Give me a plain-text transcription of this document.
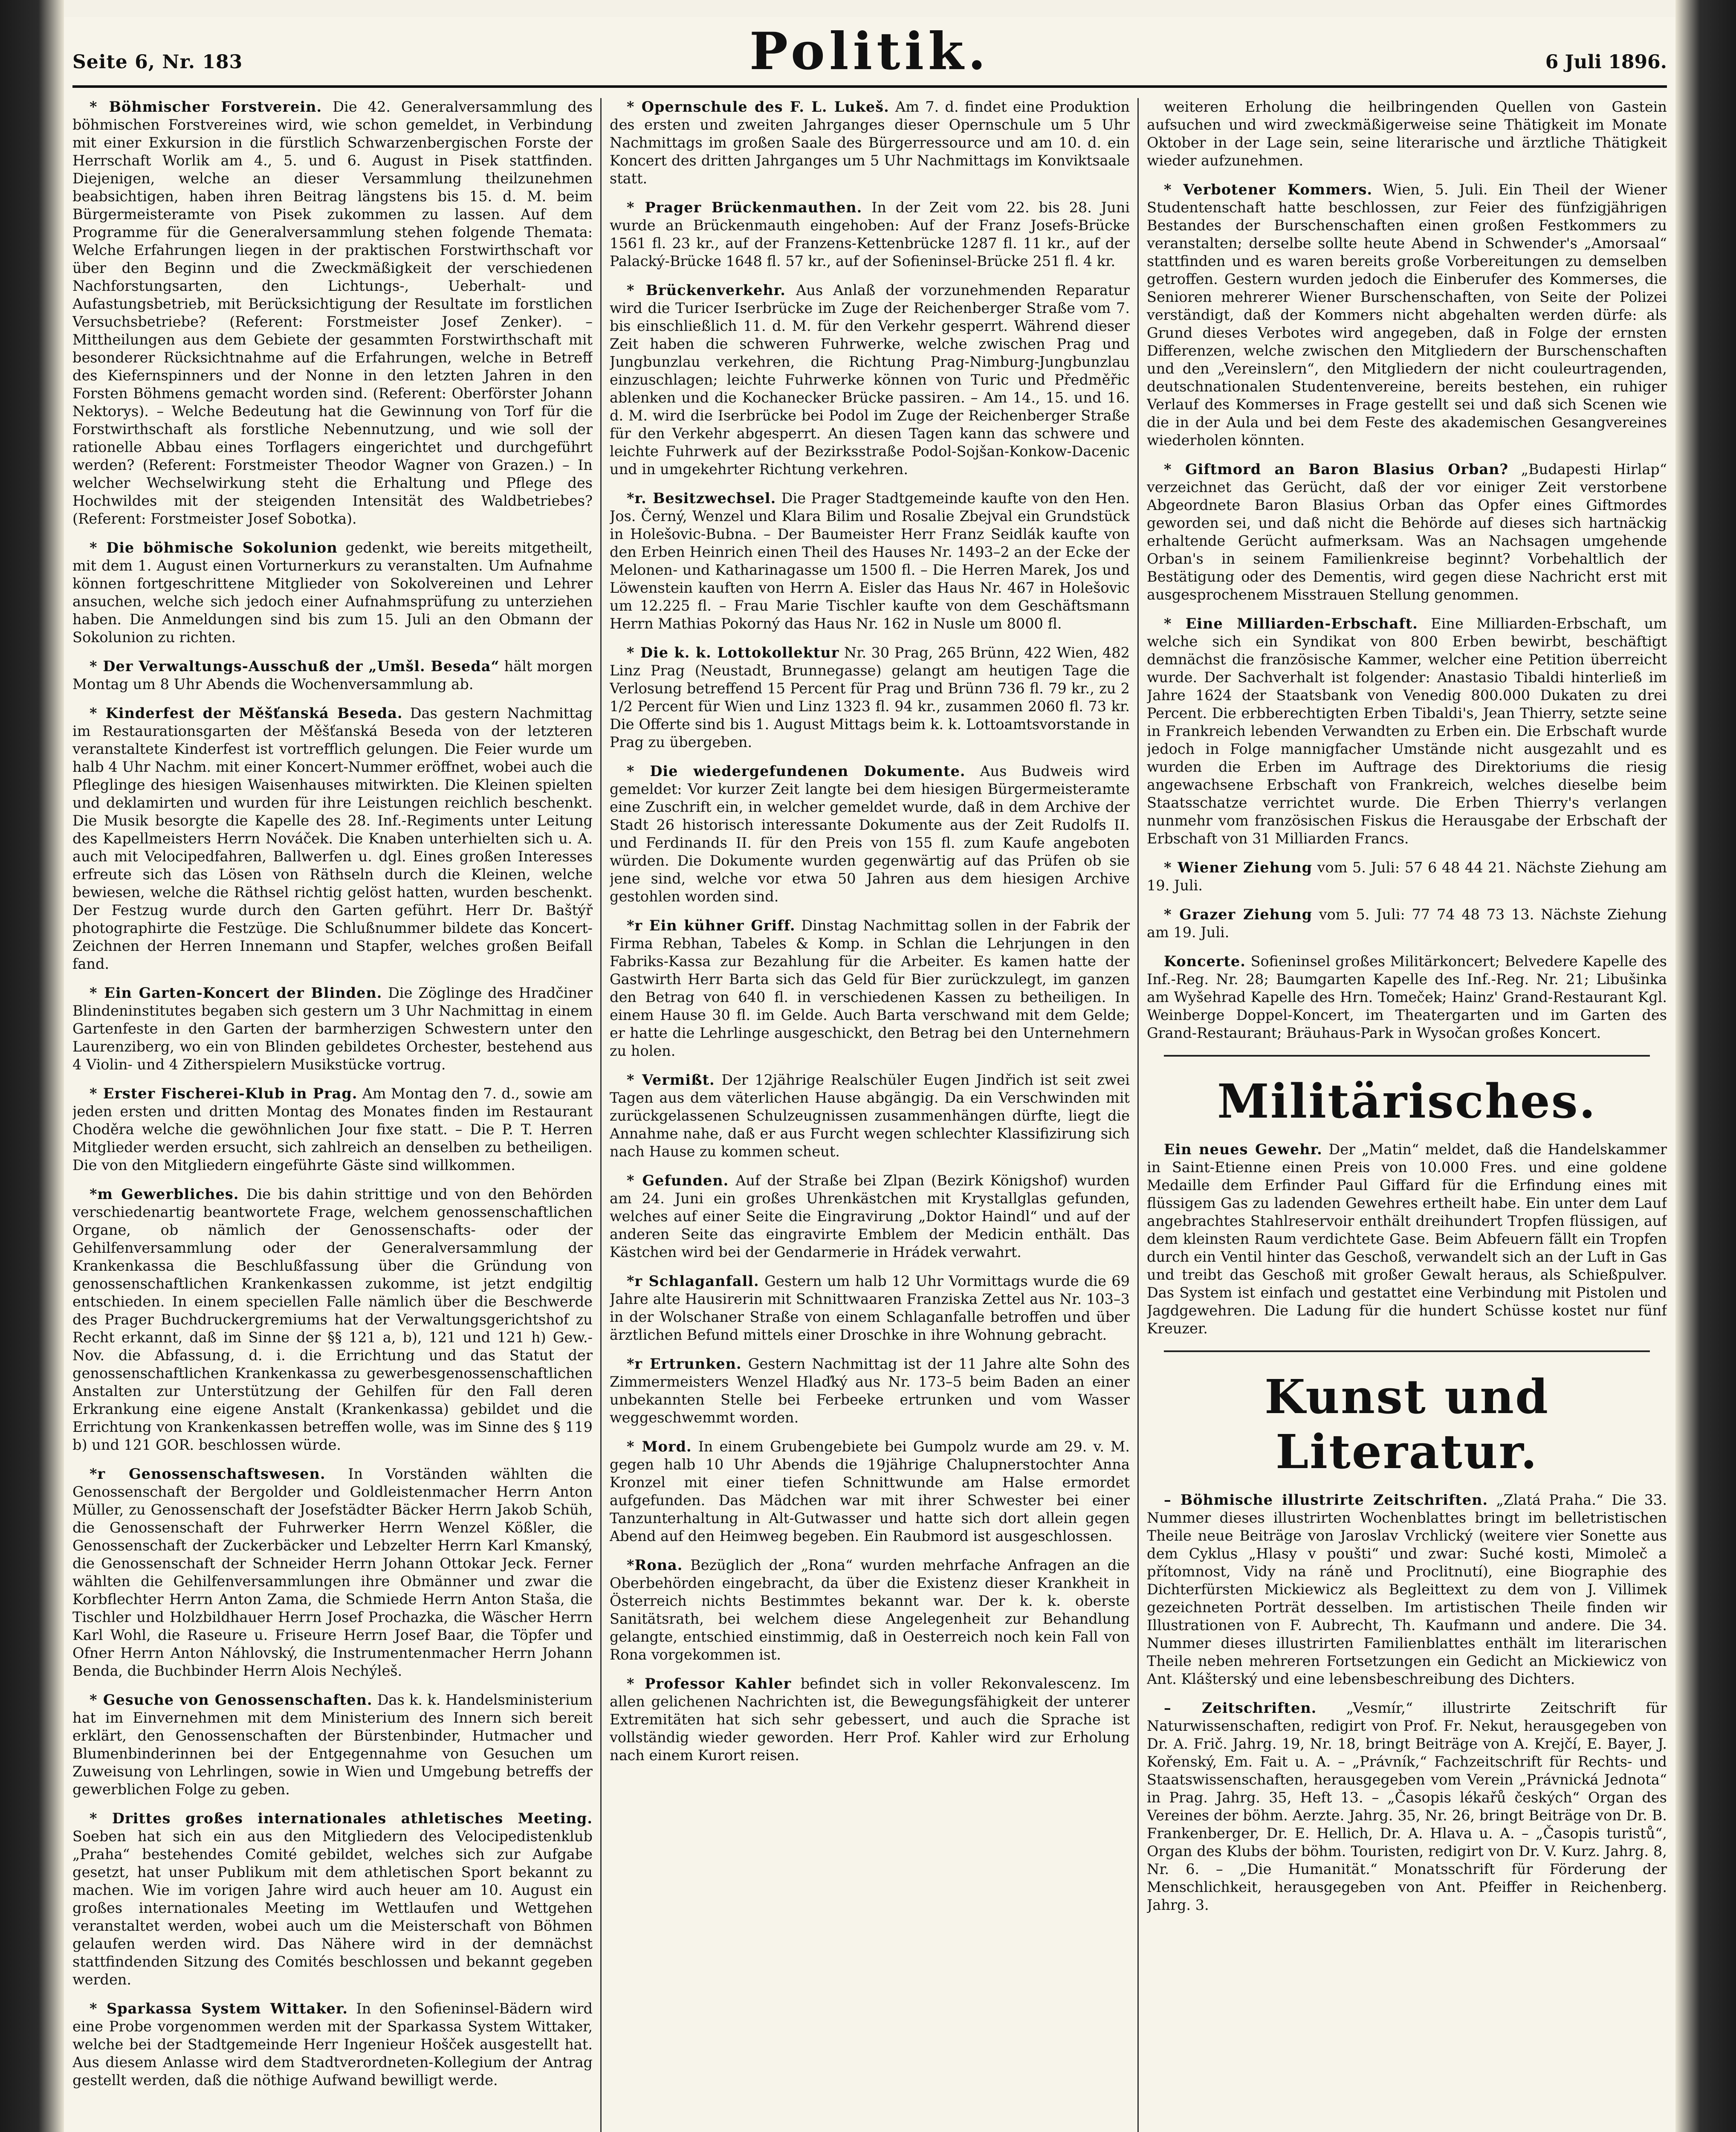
Seite 6, Nr. 183	Politik.	6 Juli 1896.

* Böhmischer Forstverein. Die 42. Generalversammlung des böhmischen Forstvereines wird, wie schon gemeldet, in Verbindung mit einer Exkursion in die fürstlich Schwarzenbergischen Forste der Herrschaft Worlik am 4., 5. und 6. August in Pisek stattfinden. Diejenigen, welche an dieser Versammlung theilzunehmen beabsichtigen, haben ihren Beitrag längstens bis 15. d. M. beim Bürgermeisteramte von Pisek zukommen zu lassen. Auf dem Programme für die Generalversammlung stehen folgende Themata: Welche Erfahrungen liegen in der praktischen Forstwirthschaft vor über den Beginn und die Zweckmäßigkeit der verschiedenen Nachforstungsarten, den Lichtungs-, Ueberhalt- und Aufastungsbetrieb, mit Berücksichtigung der Resultate im forstlichen Versuchsbetriebe? (Referent: Forstmeister Josef Zenker). – Mittheilungen aus dem Gebiete der gesammten Forstwirthschaft mit besonderer Rücksichtnahme auf die Erfahrungen, welche in Betreff des Kiefernspinners und der Nonne in den letzten Jahren in den Forsten Böhmens gemacht worden sind. (Referent: Oberförster Johann Nektorys). – Welche Bedeutung hat die Gewinnung von Torf für die Forstwirthschaft als forstliche Nebennutzung, und wie soll der rationelle Abbau eines Torflagers eingerichtet und durchgeführt werden? (Referent: Forstmeister Theodor Wagner von Grazen.) – In welcher Wechselwirkung steht die Erhaltung und Pflege des Hochwildes mit der steigenden Intensität des Waldbetriebes? (Referent: Forstmeister Josef Sobotka).

* Die böhmische Sokolunion gedenkt, wie bereits mitgetheilt, mit dem 1. August einen Vorturnerkurs zu veranstalten. Um Aufnahme können fortgeschrittene Mitglieder von Sokolvereinen und Lehrer ansuchen, welche sich jedoch einer Aufnahmsprüfung zu unterziehen haben. Die Anmeldungen sind bis zum 15. Juli an den Obmann der Sokolunion zu richten.

* Der Verwaltungs-Ausschuß der „Umšl. Beseda“ hält morgen Montag um 8 Uhr Abends die Wochenversammlung ab.

* Kinderfest der Měšťanská Beseda. Das gestern Nachmittag im Restaurationsgarten der Měšťanská Beseda von der letzteren veranstaltete Kinderfest ist vortrefflich gelungen. Die Feier wurde um halb 4 Uhr Nachm. mit einer Koncert-Nummer eröffnet, wobei auch die Pfleglinge des hiesigen Waisenhauses mitwirkten. Die Kleinen spielten und deklamirten und wurden für ihre Leistungen reichlich beschenkt. Die Musik besorgte die Kapelle des 28. Inf.-Regiments unter Leitung des Kapellmeisters Herrn Nováček. Die Knaben unterhielten sich u. A. auch mit Velocipedfahren, Ballwerfen u. dgl. Eines großen Interesses erfreute sich das Lösen von Räthseln durch die Kleinen, welche bewiesen, welche die Räthsel richtig gelöst hatten, wurden beschenkt. Der Festzug wurde durch den Garten geführt. Herr Dr. Baštýř photographirte die Festzüge. Die Schlußnummer bildete das Koncert-Zeichnen der Herren Innemann und Stapfer, welches großen Beifall fand.

* Ein Garten-Koncert der Blinden. Die Zöglinge des Hradčiner Blindeninstitutes begaben sich gestern um 3 Uhr Nachmittag in einem Gartenfeste in den Garten der barmherzigen Schwestern unter den Laurenziberg, wo ein von Blinden gebildetes Orchester, bestehend aus 4 Violin- und 4 Zitherspielern Musikstücke vortrug.

* Erster Fischerei-Klub in Prag. Am Montag den 7. d., sowie am jeden ersten und dritten Montag des Monates finden im Restaurant Choděra welche die gewöhnlichen Jour fixe statt. – Die P. T. Herren Mitglieder werden ersucht, sich zahlreich an denselben zu betheiligen. Die von den Mitgliedern eingeführte Gäste sind willkommen.

*m Gewerbliches. Die bis dahin strittige und von den Behörden verschiedenartig beantwortete Frage, welchem genossenschaftlichen Organe, ob nämlich der Genossenschafts- oder der Gehilfenversammlung oder der Generalversammlung der Krankenkassa die Beschlußfassung über die Gründung von genossenschaftlichen Krankenkassen zukomme, ist jetzt endgiltig entschieden. In einem speciellen Falle nämlich über die Beschwerde des Prager Buchdruckergremiums hat der Verwaltungsgerichtshof zu Recht erkannt, daß im Sinne der §§ 121 a, b), 121 und 121 h) Gew.-Nov. die Abfassung, d. i. die Errichtung und das Statut der genossenschaftlichen Krankenkassa zu gewerbesgenossenschaftlichen Anstalten zur Unterstützung der Gehilfen für den Fall deren Erkrankung eine eigene Anstalt (Krankenkassa) gebildet und die Errichtung von Krankenkassen betreffen wolle, was im Sinne des § 119 b) und 121 GOR. beschlossen würde.

*r Genossenschaftswesen. In Vorständen wählten die Genossenschaft der Bergolder und Goldleistenmacher Herrn Anton Müller, zu Genossenschaft der Josefstädter Bäcker Herrn Jakob Schüh, die Genossenschaft der Fuhrwerker Herrn Wenzel Kößler, die Genossenschaft der Zuckerbäcker und Lebzelter Herrn Karl Kmanský, die Genossenschaft der Schneider Herrn Johann Ottokar Jeck. Ferner wählten die Gehilfenversammlungen ihre Obmänner und zwar die Korbflechter Herrn Anton Zama, die Schmiede Herrn Anton Staša, die Tischler und Holzbildhauer Herrn Josef Prochazka, die Wäscher Herrn Karl Wohl, die Raseure u. Friseure Herrn Josef Baar, die Töpfer und Ofner Herrn Anton Náhlovský, die Instrumentenmacher Herrn Johann Benda, die Buchbinder Herrn Alois Nechýleš.

* Gesuche von Genossenschaften. Das k. k. Handelsministerium hat im Einvernehmen mit dem Ministerium des Innern sich bereit erklärt, den Genossenschaften der Bürstenbinder, Hutmacher und Blumenbinderinnen bei der Entgegennahme von Gesuchen um Zuweisung von Lehrlingen, sowie in Wien und Umgebung betreffs der gewerblichen Folge zu geben.

* Drittes großes internationales athletisches Meeting. Soeben hat sich ein aus den Mitgliedern des Velocipedistenklub „Praha“ bestehendes Comité gebildet, welches sich zur Aufgabe gesetzt, hat unser Publikum mit dem athletischen Sport bekannt zu machen. Wie im vorigen Jahre wird auch heuer am 10. August ein großes internationales Meeting im Wettlaufen und Wettgehen veranstaltet werden, wobei auch um die Meisterschaft von Böhmen gelaufen werden wird. Das Nähere wird in der demnächst stattfindenden Sitzung des Comités beschlossen und bekannt gegeben werden.

* Sparkassa System Wittaker. In den Sofieninsel-Bädern wird eine Probe vorgenommen werden mit der Sparkassa System Wittaker, welche bei der Stadtgemeinde Herr Ingenieur Hošček ausgestellt hat. Aus diesem Anlasse wird dem Stadtverordneten-Kollegium der Antrag gestellt werden, daß die nöthige Aufwand bewilligt werde.

* Opernschule des F. L. Lukeš. Am 7. d. findet eine Produktion des ersten und zweiten Jahrganges dieser Opernschule um 5 Uhr Nachmittags im großen Saale des Bürgerressource und am 10. d. ein Koncert des dritten Jahrganges um 5 Uhr Nachmittags im Konviktsaale statt.

* Prager Brückenmauthen. In der Zeit vom 22. bis 28. Juni wurde an Brückenmauth eingehoben: Auf der Franz Josefs-Brücke 1561 fl. 23 kr., auf der Franzens-Kettenbrücke 1287 fl. 11 kr., auf der Palacký-Brücke 1648 fl. 57 kr., auf der Sofieninsel-Brücke 251 fl. 4 kr.

* Brückenverkehr. Aus Anlaß der vorzunehmenden Reparatur wird die Turicer Iserbrücke im Zuge der Reichenberger Straße vom 7. bis einschließlich 11. d. M. für den Verkehr gesperrt. Während dieser Zeit haben die schweren Fuhrwerke, welche zwischen Prag und Jungbunzlau verkehren, die Richtung Prag-Nimburg-Jungbunzlau einzuschlagen; leichte Fuhrwerke können von Turic und Předměřic ablenken und die Kochanecker Brücke passiren. – Am 14., 15. und 16. d. M. wird die Iserbrücke bei Podol im Zuge der Reichenberger Straße für den Verkehr abgesperrt. An diesen Tagen kann das schwere und leichte Fuhrwerk auf der Bezirksstraße Podol-Sojšan-Konkow-Dacenic und in umgekehrter Richtung verkehren.

*r. Besitzwechsel. Die Prager Stadtgemeinde kaufte von den Hen. Jos. Černý, Wenzel und Klara Bilim und Rosalie Zbejval ein Grundstück in Holešovic-Bubna. – Der Baumeister Herr Franz Seidlák kaufte von den Erben Heinrich einen Theil des Hauses Nr. 1493–2 an der Ecke der Melonen- und Katharinagasse um 1500 fl. – Die Herren Marek, Jos und Löwenstein kauften von Herrn A. Eisler das Haus Nr. 467 in Holešovic um 12.225 fl. – Frau Marie Tischler kaufte von dem Geschäftsmann Herrn Mathias Pokorný das Haus Nr. 162 in Nusle um 8000 fl.

* Die k. k. Lottokollektur Nr. 30 Prag, 265 Brünn, 422 Wien, 482 Linz Prag (Neustadt, Brunnegasse) gelangt am heutigen Tage die Verlosung betreffend 15 Percent für Prag und Brünn 736 fl. 79 kr., zu 2 1/2 Percent für Wien und Linz 1323 fl. 94 kr., zusammen 2060 fl. 73 kr. Die Offerte sind bis 1. August Mittags beim k. k. Lottoamtsvorstande in Prag zu übergeben.

* Die wiedergefundenen Dokumente. Aus Budweis wird gemeldet: Vor kurzer Zeit langte bei dem hiesigen Bürgermeisteramte eine Zuschrift ein, in welcher gemeldet wurde, daß in dem Archive der Stadt 26 historisch interessante Dokumente aus der Zeit Rudolfs II. und Ferdinands II. für den Preis von 155 fl. zum Kaufe angeboten würden. Die Dokumente wurden gegenwärtig auf das Prüfen ob sie jene sind, welche vor etwa 50 Jahren aus dem hiesigen Archive gestohlen worden sind.

*r Ein kühner Griff. Dinstag Nachmittag sollen in der Fabrik der Firma Rebhan, Tabeles & Komp. in Schlan die Lehrjungen in den Fabriks-Kassa zur Bezahlung für die Arbeiter. Es kamen hatte der Gastwirth Herr Barta sich das Geld für Bier zurückzulegt, im ganzen den Betrag von 640 fl. in verschiedenen Kassen zu betheiligen. In einem Hause 30 fl. im Gelde. Auch Barta verschwand mit dem Gelde; er hatte die Lehrlinge ausgeschickt, den Betrag bei den Unternehmern zu holen.

* Vermißt. Der 12jährige Realschüler Eugen Jindřich ist seit zwei Tagen aus dem väterlichen Hause abgängig. Da ein Verschwinden mit zurückgelassenen Schulzeugnissen zusammenhängen dürfte, liegt die Annahme nahe, daß er aus Furcht wegen schlechter Klassifizirung sich nach Hause zu kommen scheut.

* Gefunden. Auf der Straße bei Zlpan (Bezirk Königshof) wurden am 24. Juni ein großes Uhrenkästchen mit Krystallglas gefunden, welches auf einer Seite die Eingravirung „Doktor Haindl“ und auf der anderen Seite das eingravirte Emblem der Medicin enthält. Das Kästchen wird bei der Gendarmerie in Hrádek verwahrt.

*r Schlaganfall. Gestern um halb 12 Uhr Vormittags wurde die 69 Jahre alte Hausirerin mit Schnittwaaren Franziska Zettel aus Nr. 103–3 in der Wolschaner Straße von einem Schlaganfalle betroffen und über ärztlichen Befund mittels einer Droschke in ihre Wohnung gebracht.

*r Ertrunken. Gestern Nachmittag ist der 11 Jahre alte Sohn des Zimmermeisters Wenzel Hlaďký aus Nr. 173–5 beim Baden an einer unbekannten Stelle bei Ferbeeke ertrunken und vom Wasser weggeschwemmt worden.

* Mord. In einem Grubengebiete bei Gumpolz wurde am 29. v. M. gegen halb 10 Uhr Abends die 19jährige Chalupnerstochter Anna Kronzel mit einer tiefen Schnittwunde am Halse ermordet aufgefunden. Das Mädchen war mit ihrer Schwester bei einer Tanzunterhaltung in Alt-Gutwasser und hatte sich dort allein gegen Abend auf den Heimweg begeben. Ein Raubmord ist ausgeschlossen.

*Rona. Bezüglich der „Rona“ wurden mehrfache Anfragen an die Oberbehörden eingebracht, da über die Existenz dieser Krankheit in Österreich nichts Bestimmtes bekannt war. Der k. k. oberste Sanitätsrath, bei welchem diese Angelegenheit zur Behandlung gelangte, entschied einstimmig, daß in Oesterreich noch kein Fall von Rona vorgekommen ist.

* Professor Kahler befindet sich in voller Rekonvalescenz. Im allen gelichenen Nachrichten ist, die Bewegungsfähigkeit der unterer Extremitäten hat sich sehr gebessert, und auch die Sprache ist vollständig wieder geworden. Herr Prof. Kahler wird zur Erholung nach einem Kurort reisen.

weiteren Erholung die heilbringenden Quellen von Gastein aufsuchen und wird zweckmäßigerweise seine Thätigkeit im Monate Oktober in der Lage sein, seine literarische und ärztliche Thätigkeit wieder aufzunehmen.

* Verbotener Kommers. Wien, 5. Juli. Ein Theil der Wiener Studentenschaft hatte beschlossen, zur Feier des fünfzigjährigen Bestandes der Burschenschaften einen großen Festkommers zu veranstalten; derselbe sollte heute Abend in Schwender's „Amorsaal“ stattfinden und es waren bereits große Vorbereitungen zu demselben getroffen. Gestern wurden jedoch die Einberufer des Kommerses, die Senioren mehrerer Wiener Burschenschaften, von Seite der Polizei verständigt, daß der Kommers nicht abgehalten werden dürfe: als Grund dieses Verbotes wird angegeben, daß in Folge der ernsten Differenzen, welche zwischen den Mitgliedern der Burschenschaften und den „Vereinslern“, den Mitgliedern der nicht couleurtragenden, deutschnationalen Studentenvereine, bereits bestehen, ein ruhiger Verlauf des Kommerses in Frage gestellt sei und daß sich Scenen wie die in der Aula und bei dem Feste des akademischen Gesangvereines wiederholen könnten.

* Giftmord an Baron Blasius Orban? „Budapesti Hirlap“ verzeichnet das Gerücht, daß der vor einiger Zeit verstorbene Abgeordnete Baron Blasius Orban das Opfer eines Giftmordes geworden sei, und daß nicht die Behörde auf dieses sich hartnäckig erhaltende Gerücht aufmerksam. Was an Nachsagen umgehende Orban's in seinem Familienkreise beginnt? Vorbehaltlich der Bestätigung oder des Dementis, wird gegen diese Nachricht erst mit ausgesprochenem Misstrauen Stellung genommen.

* Eine Milliarden-Erbschaft. Eine Milliarden-Erbschaft, um welche sich ein Syndikat von 800 Erben bewirbt, beschäftigt demnächst die französische Kammer, welcher eine Petition überreicht wurde. Der Sachverhalt ist folgender: Anastasio Tibaldi hinterließ im Jahre 1624 der Staatsbank von Venedig 800.000 Dukaten zu drei Percent. Die erbberechtigten Erben Tibaldi's, Jean Thierry, setzte seine in Frankreich lebenden Verwandten zu Erben ein. Die Erbschaft wurde jedoch in Folge mannigfacher Umstände nicht ausgezahlt und es wurden die Erben im Auftrage des Direktoriums die riesig angewachsene Erbschaft von Frankreich, welches dieselbe beim Staatsschatze verrichtet wurde. Die Erben Thierry's verlangen nunmehr vom französischen Fiskus die Herausgabe der Erbschaft der Erbschaft von 31 Milliarden Francs.

* Wiener Ziehung vom 5. Juli: 57 6 48 44 21. Nächste Ziehung am 19. Juli.

* Grazer Ziehung vom 5. Juli: 77 74 48 73 13. Nächste Ziehung am 19. Juli.

Koncerte. Sofieninsel großes Militärkoncert; Belvedere Kapelle des Inf.-Reg. Nr. 28; Baumgarten Kapelle des Inf.-Reg. Nr. 21; Libušinka am Wyšehrad Kapelle des Hrn. Tomeček; Hainz' Grand-Restaurant Kgl. Weinberge Doppel-Koncert, im Theatergarten und im Garten des Grand-Restaurant; Bräuhaus-Park in Wysočan großes Koncert.

Militärisches.

Ein neues Gewehr. Der „Matin“ meldet, daß die Handelskammer in Saint-Etienne einen Preis von 10.000 Fres. und eine goldene Medaille dem Erfinder Paul Giffard für die Erfindung eines mit flüssigem Gas zu ladenden Gewehres ertheilt habe. Ein unter dem Lauf angebrachtes Stahlreservoir enthält dreihundert Tropfen flüssigen, auf dem kleinsten Raum verdichtete Gase. Beim Abfeuern fällt ein Tropfen durch ein Ventil hinter das Geschoß, verwandelt sich an der Luft in Gas und treibt das Geschoß mit großer Gewalt heraus, als Schießpulver. Das System ist einfach und gestattet eine Verbindung mit Pistolen und Jagdgewehren. Die Ladung für die hundert Schüsse kostet nur fünf Kreuzer.

Kunst und Literatur.

– Böhmische illustrirte Zeitschriften. „Zlatá Praha.“ Die 33. Nummer dieses illustrirten Wochenblattes bringt im belletristischen Theile neue Beiträge von Jaroslav Vrchlický (weitere vier Sonette aus dem Cyklus „Hlasy v poušti“ und zwar: Suché kosti, Mimoleč a přítomnost, Vidy na ráně und Proclitnutí), eine Biographie des Dichterfürsten Mickiewicz als Begleittext zu dem von J. Villimek gezeichneten Porträt desselben. Im artistischen Theile finden wir Illustrationen von F. Aubrecht, Th. Kaufmann und andere. Die 34. Nummer dieses illustrirten Familienblattes enthält im literarischen Theile neben mehreren Fortsetzungen ein Gedicht an Mickiewicz von Ant. Klášterský und eine lebensbeschreibung des Dichters.

– Zeitschriften. „Vesmír,“ illustrirte Zeitschrift für Naturwissenschaften, redigirt von Prof. Fr. Nekut, herausgegeben von Dr. A. Frič. Jahrg. 19, Nr. 18, bringt Beiträge von A. Krejčí, E. Bayer, J. Kořenský, Em. Fait u. A. – „Právník,“ Fachzeitschrift für Rechts- und Staatswissenschaften, herausgegeben vom Verein „Právnická Jednota“ in Prag. Jahrg. 35, Heft 13. – „Časopis lékařů českých“ Organ des Vereines der böhm. Aerzte. Jahrg. 35, Nr. 26, bringt Beiträge von Dr. B. Frankenberger, Dr. E. Hellich, Dr. A. Hlava u. A. – „Časopis turistů“, Organ des Klubs der böhm. Touristen, redigirt von Dr. V. Kurz. Jahrg. 8, Nr. 6. – „Die Humanität.“ Monatsschrift für Förderung der Menschlichkeit, herausgegeben von Ant. Pfeiffer in Reichenberg. Jahrg. 3.
